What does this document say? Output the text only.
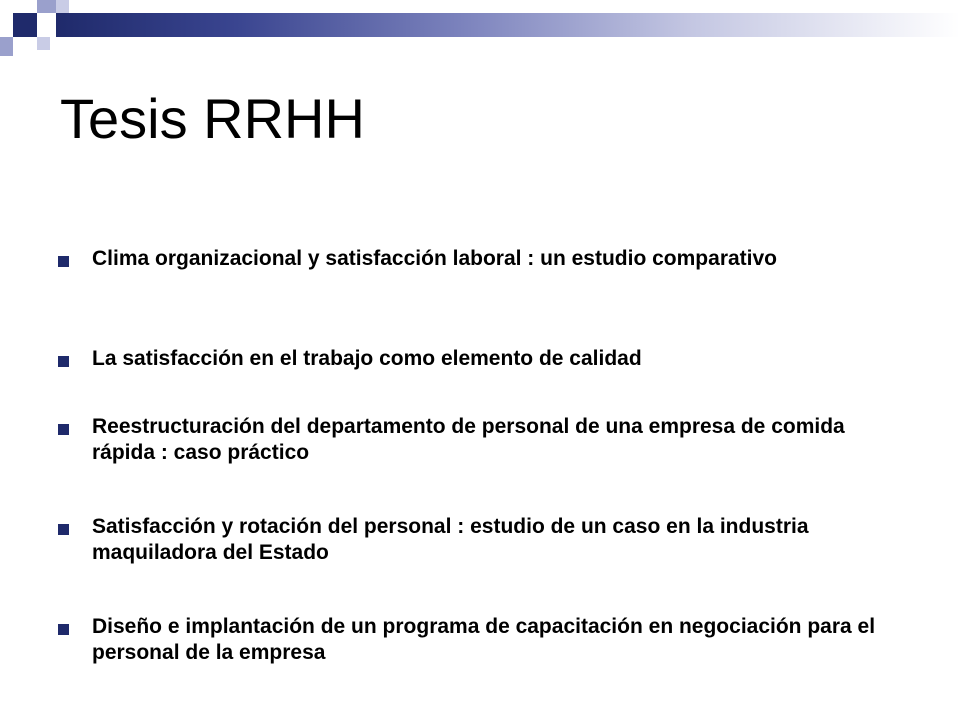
Tesis RRHH
Clima organizacional y satisfacción laboral : un estudio comparativo
La satisfacción en el trabajo como elemento de calidad
Reestructuración del departamento de personal de una empresa de comida rápida : caso práctico
Satisfacción y rotación del personal : estudio de un caso en la industria maquiladora del Estado
Diseño e implantación de un programa de capacitación en negociación para el personal de la empresa
